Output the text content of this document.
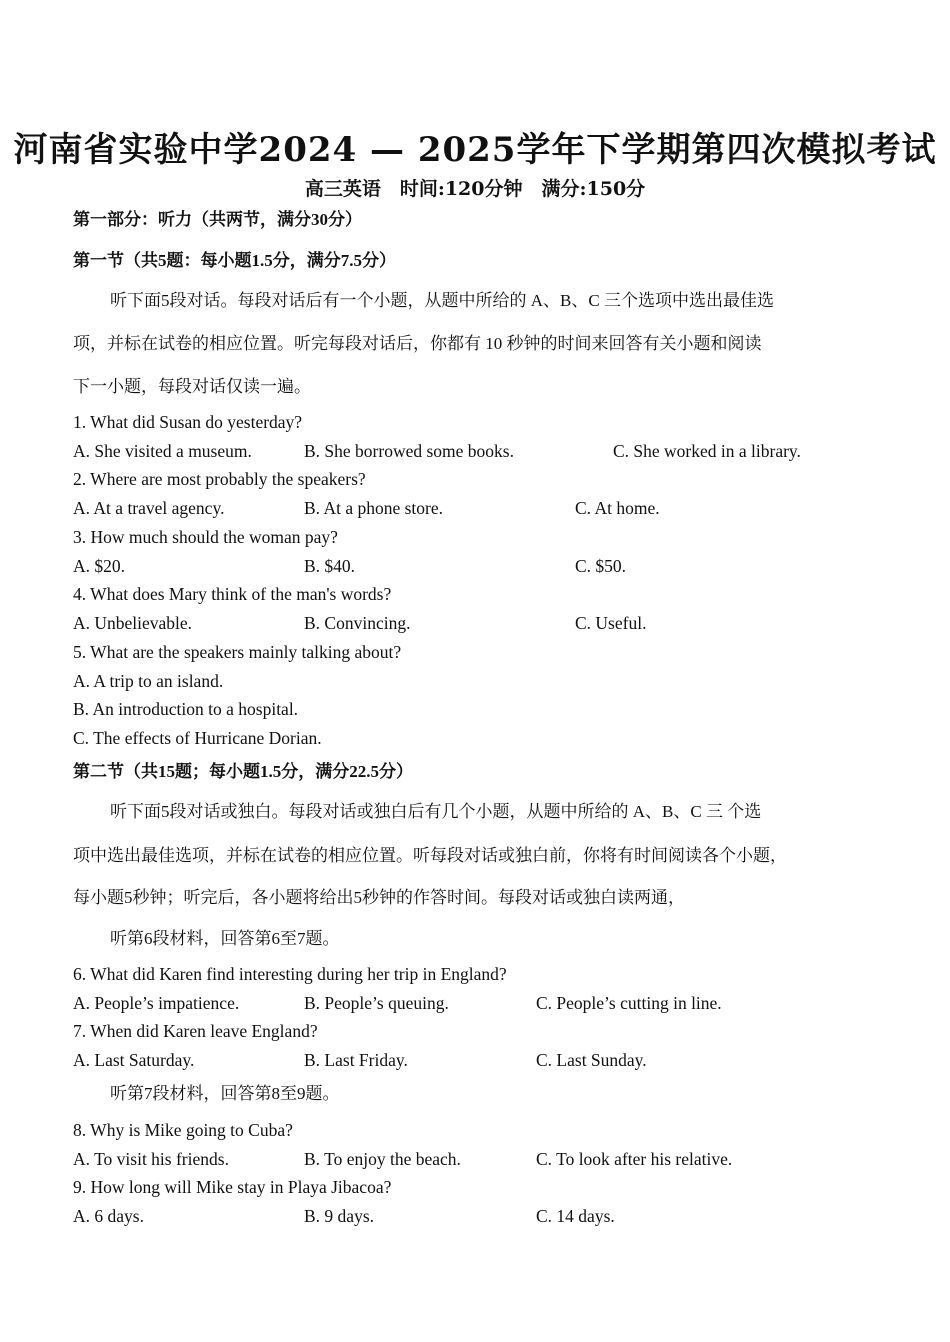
河南省实验中学2024 — 2025学年下学期第四次模拟考试
高三英语　时间:120分钟　满分:150分
第一部分：听力（共两节，满分30分）
第一节（共5题：每小题1.5分，满分7.5分）
听下面5段对话。每段对话后有一个小题，从题中所给的 A、B、C 三个选项中选出最佳选
项，并标在试卷的相应位置。听完每段对话后，你都有 10 秒钟的时间来回答有关小题和阅读
下一小题，每段对话仅读一遍。
1. What did Susan do yesterday?
A. She visited a museum.	B. She borrowed some books.	C. She worked in a library.
2. Where are most probably the speakers?
A. At a travel agency.	B. At a phone store.	C. At home.
3. How much should the woman pay?
A. $20.	B. $40.	C. $50.
4. What does Mary think of the man's words?
A. Unbelievable.	B. Convincing.	C. Useful.
5. What are the speakers mainly talking about?
A. A trip to an island.
B. An introduction to a hospital.
C. The effects of Hurricane Dorian.
第二节（共15题；每小题1.5分，满分22.5分）
听下面5段对话或独白。每段对话或独白后有几个小题，从题中所给的 A、B、C 三 个选
项中选出最佳选项，并标在试卷的相应位置。听每段对话或独白前，你将有时间阅读各个小题，
每小题5秒钟；听完后，各小题将给出5秒钟的作答时间。每段对话或独白读两通，
听第6段材料，回答第6至7题。
6. What did Karen find interesting during her trip in England?
A. People’s impatience.	B. People’s queuing.	C. People’s cutting in line.
7. When did Karen leave England?
A. Last Saturday.	B. Last Friday.	C. Last Sunday.
听第7段材料，回答第8至9题。
8. Why is Mike going to Cuba?
A. To visit his friends.	B. To enjoy the beach.	C. To look after his relative.
9. How long will Mike stay in Playa Jibacoa?
A. 6 days.	B. 9 days.	C. 14 days.
